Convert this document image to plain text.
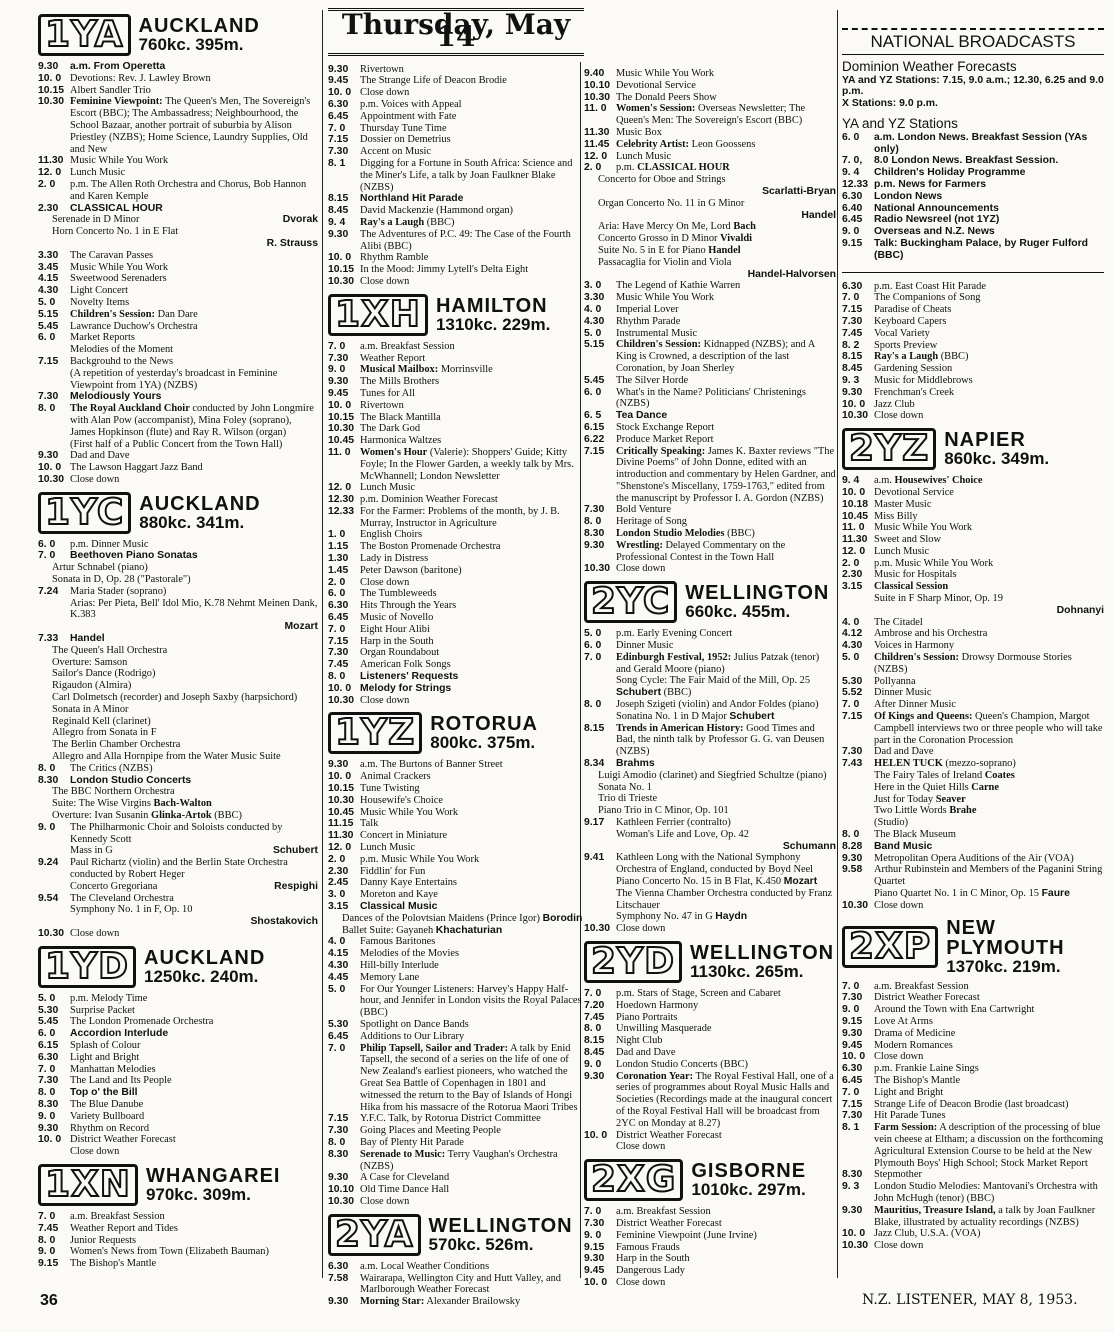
1YA AUCKLAND
760kc. 395m.
9.30	a.m. From Operetta
10. 0 Devotions: Rev. J. Lawley Brown
10.15 Albert Sandler Trio
10.30 Feminine Viewpoint: The Queen's Men, The Sovereign's Escort (BBC); The Ambassadress; Neighbourhood, the School Bazaar, another portrait of suburbia by Alison Priestley (NZBS); Home Science, Laundry Supplies, Old and New
11.30 Music While You Work
12. 0 Lunch Music
2. 0	p.m. The Allen Roth Orchestra and Chorus, Bob Hannon and Karen Kemple
2.30	CLASSICAL HOUR
Serenade in D Minor	Dvorak
Horn Concerto No. 1 in E Flat
R. Strauss
3.30	The Caravan Passes
3.45	Music While You Work
4.15	Sweetwood Serenaders
4.30	Light Concert
5. 0	Novelty Items
5.15	Children's Session: Dan Dare
5.45	Lawrance Duchow's Orchestra
6. 0	Market Reports
Melodies of the Moment
7.15	Backgrouhd to the News
(A repetition of yesterday's broadcast in Feminine Viewpoint from 1YA) (NZBS)
7.30	Melodiously Yours
8. 0	The Royal Auckland Choir conducted by John Longmire with Alan Pow (accompanist), Mina Foley (soprano), James Hopkinson (flute) and Ray R. Wilson (organ)
(First half of a Public Concert from the Town Hall)
9.30	Dad and Dave
10. 0 The Lawson Haggart Jazz Band
10.30 Close down
1YC AUCKLAND
880kc. 341m.
6. 0	p.m. Dinner Music
7. 0	Beethoven Piano Sonatas
Artur Schnabel (piano)
Sonata in D, Op. 28 ("Pastorale")
7.24	Maria Stader (soprano)
Arias: Per Pieta, Bell' Idol Mio, K.78 Nehmt Meinen Dank, K.383
Mozart
7.33	Handel
The Queen's Hall Orchestra
Overture: Samson
Sailor's Dance (Rodrigo)
Rigaudon (Almira)
Carl Dolmetsch (recorder) and Joseph Saxby (harpsichord)
Sonata in A Minor
Reginald Kell (clarinet)
Allegro from Sonata in F
The Berlin Chamber Orchestra
Allegro and Alla Hornpipe from the Water Music Suite
8. 0	The Critics (NZBS)
8.30	London Studio Concerts
The BBC Northern Orchestra
Suite: The Wise Virgins Bach-Walton
Overture: Ivan Susanin Glinka-Artok (BBC)
9. 0	The Philharmonic Choir and Soloists conducted by Kennedy Scott
Mass in G	Schubert
9.24	Paul Richartz (violin) and the Berlin State Orchestra conducted by Robert Heger
Concerto Gregoriana	Respighi
9.54	The Cleveland Orchestra
Symphony No. 1 in F, Op. 10
Shostakovich
10.30 Close down
1YD AUCKLAND
1250kc. 240m.
5. 0	p.m. Melody Time
5.30	Surprise Packet
5.45	The London Promenade Orchestra
6. 0	Accordion Interlude
6.15	Splash of Colour
6.30	Light and Bright
7. 0	Manhattan Melodies
7.30	The Land and Its People
8. 0	Top o' the Bill
8.30	The Blue Danube
9. 0	Variety Bullboard
9.30	Rhythm on Record
10. 0 District Weather Forecast
Close down
1XN WHANGAREI
970kc. 309m.
7. 0	a.m. Breakfast Session
7.45	Weather Report and Tides
8. 0	Junior Requests
9. 0	Women's News from Town (Elizabeth Bauman)
9.15	The Bishop's Mantle
Thursday, May 14
9.30	Rivertown
9.45	The Strange Life of Deacon Brodie
10. 0 Close down
6.30	p.m. Voices with Appeal
6.45	Appointment with Fate
7. 0	Thursday Tune Time
7.15	Dossier on Demetrius
7.30	Accent on Music
8. 1	Digging for a Fortune in South Africa: Science and the Miner's Life, a talk by Joan Faulkner Blake (NZBS)
8.15	Northland Hit Parade
8.45	David Mackenzie (Hammond organ)
9. 4	Ray's a Laugh (BBC)
9.30	The Adventures of P.C. 49: The Case of the Fourth Alibi (BBC)
10. 0 Rhythm Ramble
10.15 In the Mood: Jimmy Lytell's Delta Eight
10.30 Close down
1XH HAMILTON
1310kc. 229m.
7. 0	a.m. Breakfast Session
7.30	Weather Report
9. 0	Musical Mailbox: Morrinsville
9.30	The Mills Brothers
9.45	Tunes for All
10. 0 Rivertown
10.15 The Black Mantilla
10.30 The Dark God
10.45 Harmonica Waltzes
11. 0 Women's Hour (Valerie): Shoppers' Guide; Kitty Foyle; In the Flower Garden, a weekly talk by Mrs. McWhannell; London Newsletter
12. 0 Lunch Music
12.30 p.m. Dominion Weather Forecast
12.33 For the Farmer: Problems of the month, by J. B. Murray, Instructor in Agriculture
1. 0	English Choirs
1.15	The Boston Promenade Orchestra
1.30	Lady in Distress
1.45	Peter Dawson (baritone)
2. 0	Close down
6. 0	The Tumbleweeds
6.30	Hits Through the Years
6.45	Music of Novello
7. 0	Eight Hour Alibi
7.15	Harp in the South
7.30	Organ Roundabout
7.45	American Folk Songs
8. 0	Listeners' Requests
10. 0 Melody for Strings
10.30 Close down
1YZ ROTORUA
800kc. 375m.
9.30	a.m. The Burtons of Banner Street
10. 0 Animal Crackers
10.15 Tune Twisting
10.30 Housewife's Choice
10.45 Music While You Work
11.15 Talk
11.30 Concert in Miniature
12. 0 Lunch Music
2. 0	p.m. Music While You Work
2.30	Fiddlin' for Fun
2.45	Danny Kaye Entertains
3. 0	Moreton and Kaye
3.15	Classical Music
Dances of the Polovtsian Maidens (Prince Igor) Borodin
Ballet Suite: Gayaneh Khachaturian
4. 0	Famous Baritones
4.15	Melodies of the Movies
4.30	Hill-billy Interlude
4.45	Memory Lane
5. 0	For Our Younger Listeners: Harvey's Happy Half-hour, and Jennifer in London visits the Royal Palaces (BBC)
5.30	Spotlight on Dance Bands
6.45	Additions to Our Library
7. 0	Philip Tapsell, Sailor and Trader: A talk by Enid Tapsell, the second of a series on the life of one of New Zealand's earliest pioneers, who watched the Great Sea Battle of Copenhagen in 1801 and witnessed the return to the Bay of Islands of Hongi Hika from his massacre of the Rotorua Maori Tribes
7.15	Y.F.C. Talk, by Rotorua District Committee
7.30	Going Places and Meeting People
8. 0	Bay of Plenty Hit Parade
8.30	Serenade to Music: Terry Vaughan's Orchestra (NZBS)
9.30	A Case for Cleveland
10.10 Old Time Dance Hall
10.30 Close down
2YA WELLINGTON
570kc. 526m.
6.30	a.m. Local Weather Conditions
7.58	Wairarapa, Wellington City and Hutt Valley, and Marlborough Weather Forecast
9.30	Morning Star: Alexander Brailowsky
9.40	Music While You Work
10.10 Devotional Service
10.30 The Donald Peers Show
11. 0 Women's Session: Overseas Newsletter; The Queen's Men: The Sovereign's Escort (BBC)
11.30 Music Box
11.45 Celebrity Artist: Leon Goossens
12. 0 Lunch Music
2. 0	p.m. CLASSICAL HOUR
Concerto for Oboe and Strings
Scarlatti-Bryan
Organ Concerto No. 11 in G Minor
Handel
Aria: Have Mercy On Me, Lord Bach
Concerto Grosso in D Minor Vivaldi
Suite No. 5 in E for Piano Handel
Passacaglia for Violin and Viola
Handel-Halvorsen
3. 0	The Legend of Kathie Warren
3.30	Music While You Work
4. 0	Imperial Lover
4.30	Rhythm Parade
5. 0	Instrumental Music
5.15	Children's Session: Kidnapped (NZBS); and A King is Crowned, a description of the last Coronation, by Joan Sherley
5.45	The Silver Horde
6. 0	What's in the Name? Politicians' Christenings (NZBS)
6. 5	Tea Dance
6.15	Stock Exchange Report
6.22	Produce Market Report
7.15	Critically Speaking: James K. Baxter reviews "The Divine Poems" of John Donne, edited with an introduction and commentary by Helen Gardner, and "Shenstone's Miscellany, 1759-1763," edited from the manuscript by Professor I. A. Gordon (NZBS)
7.30	Bold Venture
8. 0	Heritage of Song
8.30	London Studio Melodies (BBC)
9.30	Wrestling: Delayed Commentary on the Professional Contest in the Town Hall
10.30 Close down
2YC WELLINGTON
660kc. 455m.
5. 0	p.m. Early Evening Concert
6. 0	Dinner Music
7. 0	Edinburgh Festival, 1952: Julius Patzak (tenor) and Gerald Moore (piano)
Song Cycle: The Fair Maid of the Mill, Op. 25 Schubert (BBC)
8. 0	Joseph Szigeti (violin) and Andor Foldes (piano)
Sonatina No. 1 in D Major Schubert
8.15	Trends in American History: Good Times and Bad, the ninth talk by Professor G. G. van Deusen (NZBS)
8.34	Brahms
Luigi Amodio (clarinet) and Siegfried Schultze (piano)
Sonata No. 1
Trio di Trieste
Piano Trio in C Minor, Op. 101
9.17	Kathleen Ferrier (contralto)
Woman's Life and Love, Op. 42
Schumann
9.41	Kathleen Long with the National Symphony Orchestra of England, conducted by Boyd Neel
Piano Concerto No. 15 in B Flat, K.450 Mozart
The Vienna Chamber Orchestra conducted by Franz Litschauer
Symphony No. 47 in G Haydn
10.30 Close down
2YD WELLINGTON
1130kc. 265m.
7. 0	p.m. Stars of Stage, Screen and Cabaret
7.20	Hoedown Harmony
7.45	Piano Portraits
8. 0	Unwilling Masquerade
8.15	Night Club
8.45	Dad and Dave
9. 0	London Studio Concerts (BBC)
9.30	Coronation Year: The Royal Festival Hall, one of a series of programmes about Royal Music Halls and Societies (Recordings made at the inaugural concert of the Royal Festival Hall will be broadcast from 2YC on Monday at 8.27)
10. 0 District Weather Forecast
Close down
2XG GISBORNE
1010kc. 297m.
7. 0	a.m. Breakfast Session
7.30	District Weather Forecast
9. 0	Feminine Viewpoint (June Irvine)
9.15	Famous Frauds
9.30	Harp in the South
9.45	Dangerous Lady
10. 0 Close down
NATIONAL BROADCASTS
Dominion Weather Forecasts
YA and YZ Stations: 7.15, 9.0 a.m.; 12.30, 6.25 and 9.0 p.m.
X Stations: 9.0 p.m.
YA and YZ Stations
6. 0	a.m. London News. Breakfast Session (YAs only)
7. 0,	8.0 London News. Breakfast Session.
9. 4	Children's Holiday Programme
12.33 p.m. News for Farmers
6.30	London News
6.40	National Announcements
6.45	Radio Newsreel (not 1YZ)
9. 0	Overseas and N.Z. News
9.15	Talk: Buckingham Palace, by Ruger Fulford (BBC)
6.30	p.m. East Coast Hit Parade
7. 0	The Companions of Song
7.15	Paradise of Cheats
7.30	Keyboard Capers
7.45	Vocal Variety
8. 2	Sports Preview
8.15	Ray's a Laugh (BBC)
8.45	Gardening Session
9. 3	Music for Middlebrows
9.30	Frenchman's Creek
10. 0 Jazz Club
10.30 Close down
2YZ NAPIER
860kc. 349m.
9. 4	a.m. Housewives' Choice
10. 0 Devotional Service
10.18 Master Music
10.45 Miss Billy
11. 0 Music While You Work
11.30 Sweet and Slow
12. 0 Lunch Music
2. 0	p.m. Music While You Work
2.30	Music for Hospitals
3.15	Classical Session
Suite in F Sharp Minor, Op. 19
Dohnanyi
4. 0	The Citadel
4.12	Ambrose and his Orchestra
4.30	Voices in Harmony
5. 0	Children's Session: Drowsy Dormouse Stories (NZBS)
5.30	Pollyanna
5.52	Dinner Music
7. 0	After Dinner Music
7.15	Of Kings and Queens: Queen's Champion, Margot Campbell interviews two or three people who will take part in the Coronation Procession
7.30	Dad and Dave
7.43	HELEN TUCK (mezzo-soprano)
The Fairy Tales of Ireland Coates
Here in the Quiet Hills Carne
Just for Today Seaver
Two Little Words Brahe
(Studio)
8. 0	The Black Museum
8.28	Band Music
9.30	Metropolitan Opera Auditions of the Air (VOA)
9.58	Arthur Rubinstein and Members of the Paganini String Quartet
Piano Quartet No. 1 in C Minor, Op. 15 Faure
10.30 Close down
2XP NEW PLYMOUTH
1370kc. 219m.
7. 0	a.m. Breakfast Session
7.30	District Weather Forecast
9. 0	Around the Town with Ena Cartwright
9.15	Love At Arms
9.30	Drama of Medicine
9.45	Modern Romances
10. 0 Close down
6.30	p.m. Frankie Laine Sings
6.45	The Bishop's Mantle
7. 0	Light and Bright
7.15	Strange Life of Deacon Brodie (last broadcast)
7.30	Hit Parade Tunes
8. 1	Farm Session: A description of the processing of blue vein cheese at Eltham; a discussion on the forthcoming Agricultural Extension Course to be held at the New Plymouth Boys' High School; Stock Market Report
8.30	Stepmother
9. 3	London Studio Melodies: Mantovani's Orchestra with John McHugh (tenor) (BBC)
9.30	Mauritius, Treasure Island, a talk by Joan Faulkner Blake, illustrated by actuality recordings (NZBS)
10. 0 Jazz Club, U.S.A. (VOA)
10.30 Close down
36	N.Z. LISTENER, MAY 8, 1953.
